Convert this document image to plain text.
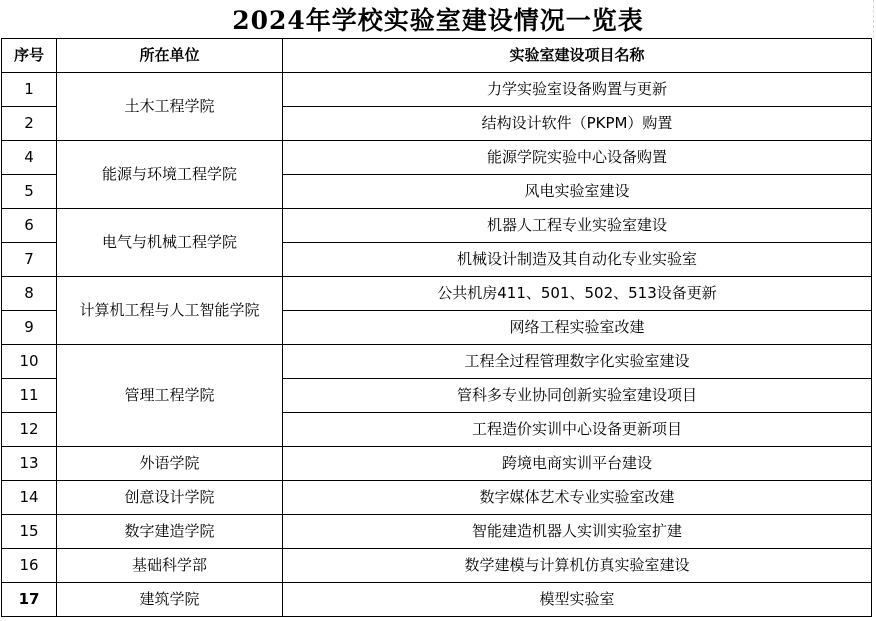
2024年学校实验室建设情况一览表
序号	所在单位	实验室建设项目名称
1	土木工程学院	力学实验室设备购置与更新
2		结构设计软件（PKPM）购置
4	能源与环境工程学院	能源学院实验中心设备购置
5		风电实验室建设
6	电气与机械工程学院	机器人工程专业实验室建设
7		机械设计制造及其自动化专业实验室
8	计算机工程与人工智能学院	公共机房411、501、502、513设备更新
9		网络工程实验室改建
10	管理工程学院	工程全过程管理数字化实验室建设
11		管科多专业协同创新实验室建设项目
12		工程造价实训中心设备更新项目
13	外语学院	跨境电商实训平台建设
14	创意设计学院	数字媒体艺术专业实验室改建
15	数字建造学院	智能建造机器人实训实验室扩建
16	基础科学部	数学建模与计算机仿真实验室建设
17	建筑学院	模型实验室
